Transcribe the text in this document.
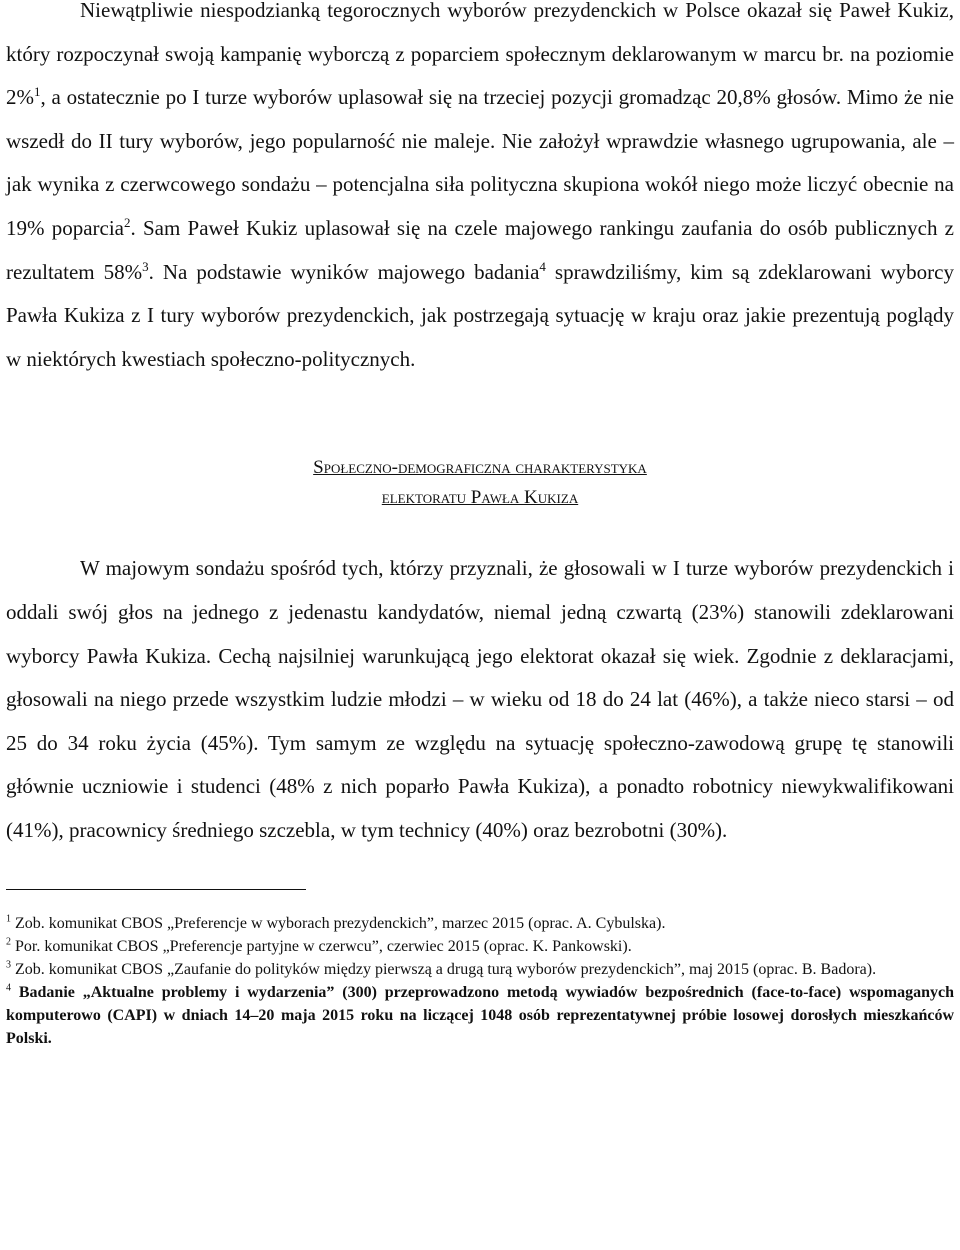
Niewątpliwie niespodzianką tegorocznych wyborów prezydenckich w Polsce okazał się Paweł Kukiz, który rozpoczynał swoją kampanię wyborczą z poparciem społecznym deklarowanym w marcu br. na poziomie 2%$^1$, a ostatecznie po I turze wyborów uplasował się na trzeciej pozycji gromadząc 20,8% głosów. Mimo że nie wszedł do II tury wyborów, jego popularność nie maleje. Nie założył wprawdzie własnego ugrupowania, ale – jak wynika z czerwcowego sondażu – potencjalna siła polityczna skupiona wokół niego może liczyć obecnie na 19% poparcia$^2$. Sam Paweł Kukiz uplasował się na czele majowego rankingu zaufania do osób publicznych z rezultatem 58%$^3$. Na podstawie wyników majowego badania$^4$ sprawdziliśmy, kim są zdeklarowani wyborcy Pawła Kukiza z I tury wyborów prezydenckich, jak postrzegają sytuację w kraju oraz jakie prezentują poglądy w niektórych kwestiach społeczno-politycznych.

Społeczno-demograficzna charakterystyka

elektoratu Pawła Kukiza

W majowym sondażu spośród tych, którzy przyznali, że głosowali w I turze wyborów prezydenckich i oddali swój głos na jednego z jedenastu kandydatów, niemal jedną czwartą (23%) stanowili zdeklarowani wyborcy Pawła Kukiza. Cechą najsilniej warunkującą jego elektorat okazał się wiek. Zgodnie z deklaracjami, głosowali na niego przede wszystkim ludzie młodzi – w wieku od 18 do 24 lat (46%), a także nieco starsi – od 25 do 34 roku życia (45%). Tym samym ze względu na sytuację społeczno-zawodową grupę tę stanowili głównie uczniowie i studenci (48% z nich poparło Pawła Kukiza), a ponadto robotnicy niewykwalifikowani (41%), pracownicy średniego szczebla, w tym technicy (40%) oraz bezrobotni (30%).

$^1$ Zob. komunikat CBOS „Preferencje w wyborach prezydenckich”, marzec 2015 (oprac. A. Cybulska).

$^2$ Por. komunikat CBOS „Preferencje partyjne w czerwcu”, czerwiec 2015 (oprac. K. Pankowski).

$^3$ Zob. komunikat CBOS „Zaufanie do polityków między pierwszą a drugą turą wyborów prezydenckich”, maj 2015 (oprac. B. Badora).

$^4$ Badanie „Aktualne problemy i wydarzenia” (300) przeprowadzono metodą wywiadów bezpośrednich (face-to-face) wspomaganych komputerowo (CAPI) w dniach 14–20 maja 2015 roku na liczącej 1048 osób reprezentatywnej próbie losowej dorosłych mieszkańców Polski.
